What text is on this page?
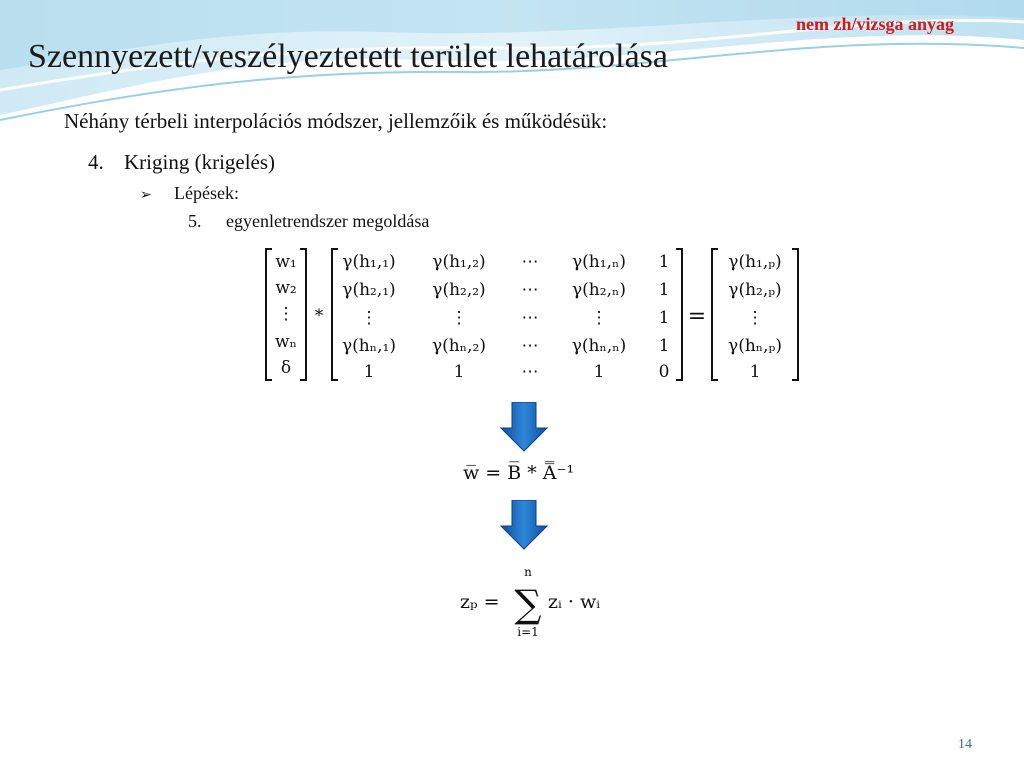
nem zh/vizsga anyag
Szennyezett/veszélyeztetett terület lehatárolása
Néhány térbeli interpolációs módszer, jellemzőik és működésük:
4. Kriging (krigelés)
➢ Lépések:
5. egyenletrendszer megoldása
w₁
w₂
⋮
wₙ
δ
*	=
γ(h₁,₁) γ(h₁,₂) ⋯ γ(h₁,ₙ) 1
γ(h₂,₁) γ(h₂,₂) ⋯ γ(h₂,ₙ) 1
⋮	⋮	⋯	⋮	1
γ(hₙ,₁) γ(hₙ,₂) ⋯ γ(hₙ,ₙ) 1
1	1	⋯	1	0
γ(h₁,ₚ)
γ(h₂,ₚ)
⋮
γ(hₙ,ₚ)
1
w̅ = B̅ * A̿⁻¹
zₚ =
n
∑
i=1
zᵢ · wᵢ
14
